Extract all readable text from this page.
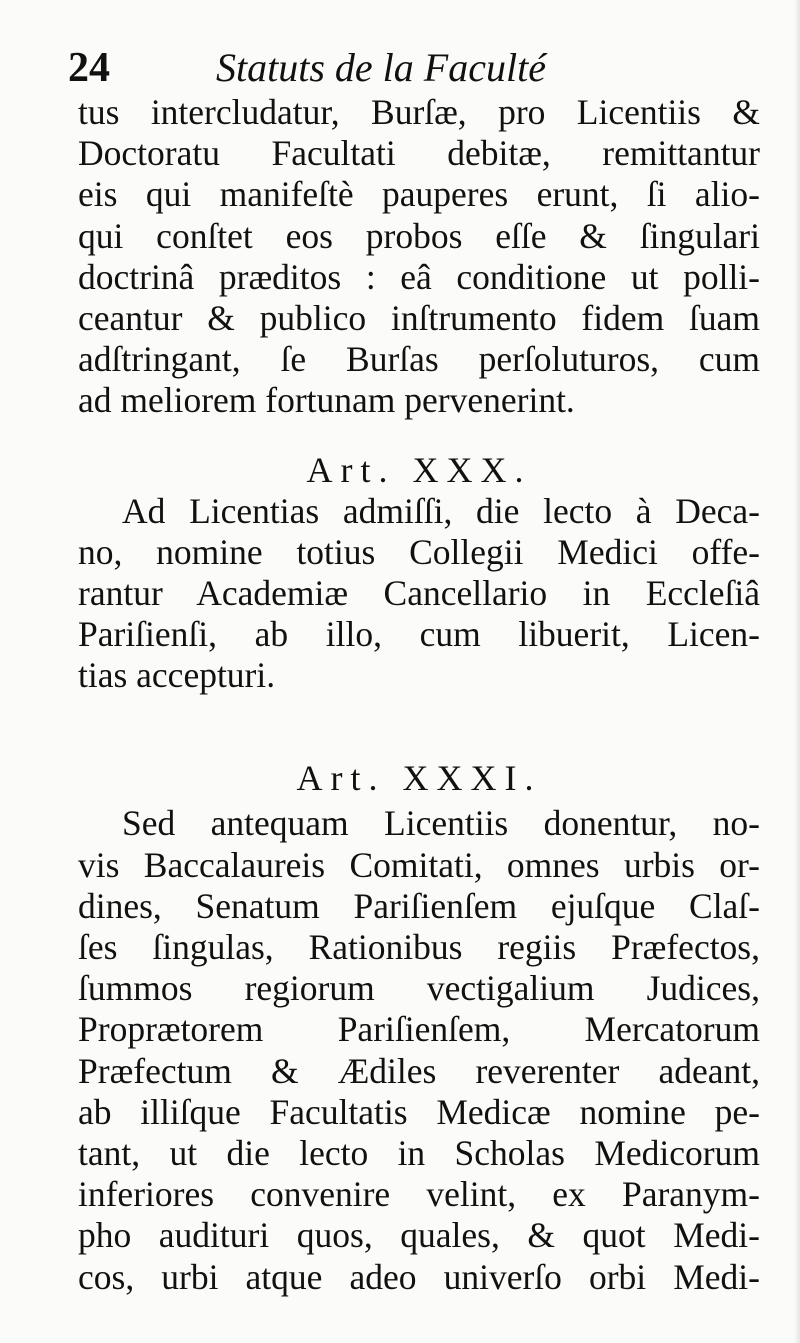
24	Statuts de la Faculté
tus intercludatur, Burſæ, pro Licentiis &
Doctoratu Facultati debitæ, remittantur
eis qui manifeſtè pauperes erunt, ſi alio-
qui conſtet eos probos eſſe & ſingulari
doctrinâ præditos : eâ conditione ut polli-
ceantur & publico inſtrumento fidem ſuam
adſtringant, ſe Burſas perſoluturos, cum
ad meliorem fortunam pervenerint.
Art. XXX.
Ad Licentias admiſſi, die lecto à Deca-
no, nomine totius Collegii Medici offe-
rantur Academiæ Cancellario in Eccleſiâ
Pariſienſi, ab illo, cum libuerit, Licen-
tias accepturi.
Art. XXXI.
Sed antequam Licentiis donentur, no-
vis Baccalaureis Comitati, omnes urbis or-
dines, Senatum Pariſienſem ejuſque Claſ-
ſes ſingulas, Rationibus regiis Præfectos,
ſummos regiorum vectigalium Judices,
Proprætorem Pariſienſem, Mercatorum
Præfectum & Ædiles reverenter adeant,
ab illiſque Facultatis Medicæ nomine pe-
tant, ut die lecto in Scholas Medicorum
inferiores convenire velint, ex Paranym-
pho audituri quos, quales, & quot Medi-
cos, urbi atque adeo univerſo orbi Medi-
